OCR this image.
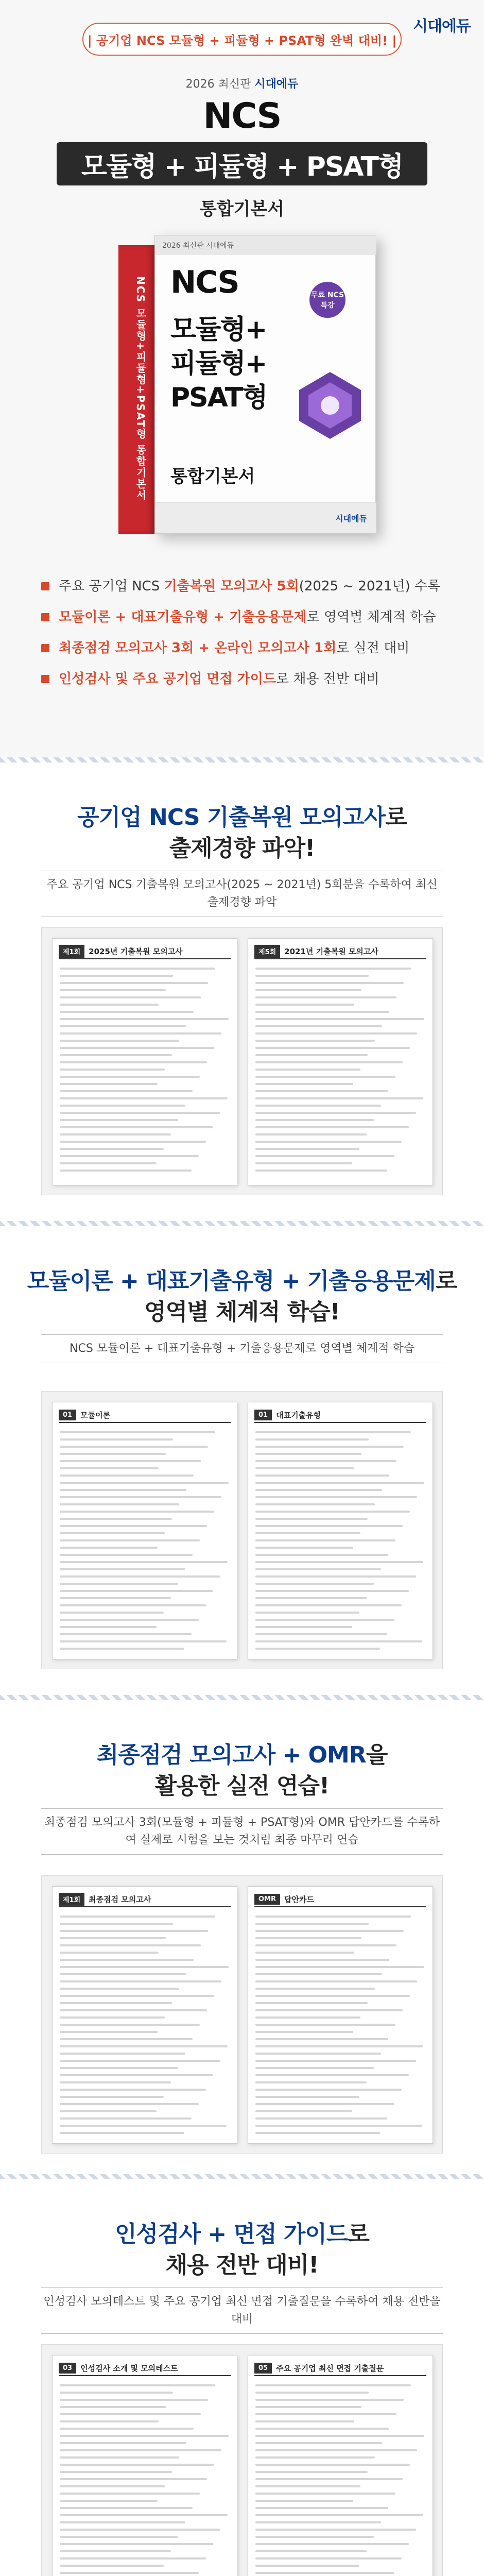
시대에듀
| 공기업 NCS 모듈형 + 피듈형 + PSAT형 완벽 대비! |
2026 최신판 시대에듀
NCS
모듈형 + 피듈형 + PSAT형
통합기본서
NCS 모듈형+피듈형+PSAT형 통합기본서
2026 최신판 시대에듀
NCS
모듈형+
피듈형+
PSAT형
무료 NCS 특강
통합기본서
시대에듀
주요 공기업 NCS 기출복원 모의고사 5회(2025 ~ 2021년) 수록
모듈이론 + 대표기출유형 + 기출응용문제로 영역별 체계적 학습
최종점검 모의고사 3회 + 온라인 모의고사 1회로 실전 대비
인성검사 및 주요 공기업 면접 가이드로 채용 전반 대비
공기업 NCS 기출복원 모의고사로
출제경향 파악!
주요 공기업 NCS 기출복원 모의고사(2025 ~ 2021년) 5회분을 수록하여 최신 출제경향 파악
제1회	2025년 기출복원 모의고사	제5회	2021년 기출복원 모의고사
모듈이론 + 대표기출유형 + 기출응용문제로
영역별 체계적 학습!
NCS 모듈이론 + 대표기출유형 + 기출응용문제로 영역별 체계적 학습
01	모듈이론	01	대표기출유형
최종점검 모의고사 + OMR을
활용한 실전 연습!
최종점검 모의고사 3회(모듈형 + 피듈형 + PSAT형)와 OMR 답안카드를 수록하여 실제로 시험을 보는 것처럼 최종 마무리 연습
제1회	최종점검 모의고사	OMR	답안카드
인성검사 + 면접 가이드로
채용 전반 대비!
인성검사 모의테스트 및 주요 공기업 최신 면접 기출질문을 수록하여 채용 전반을 대비
03	인성검사 소개 및 모의테스트	05	주요 공기업 최신 면접 기출질문
